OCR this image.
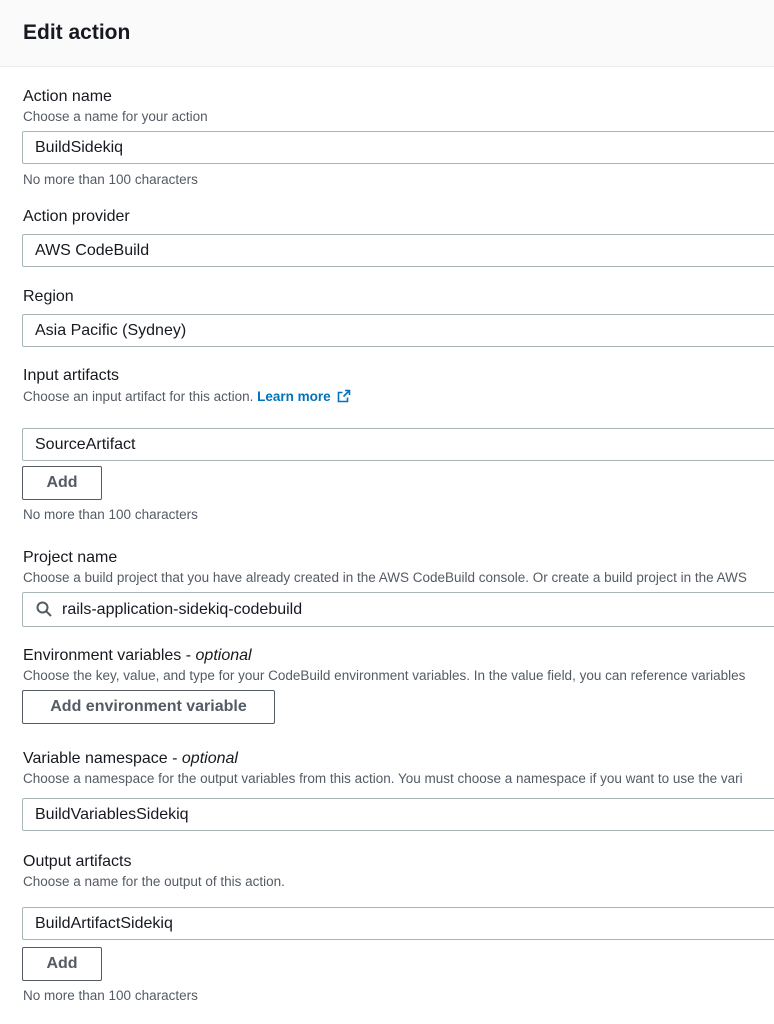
Edit action
Action name
Choose a name for your action
BuildSidekiq
No more than 100 characters
Action provider
AWS CodeBuild
Region
Asia Pacific (Sydney)
Input artifacts
Choose an input artifact for this action. Learn more
SourceArtifact
Add
No more than 100 characters
Project name
Choose a build project that you have already created in the AWS CodeBuild console. Or create a build project in the AWS
rails-application-sidekiq-codebuild
Environment variables - optional
Choose the key, value, and type for your CodeBuild environment variables. In the value field, you can reference variables
Add environment variable
Variable namespace - optional
Choose a namespace for the output variables from this action. You must choose a namespace if you want to use the vari
BuildVariablesSidekiq
Output artifacts
Choose a name for the output of this action.
BuildArtifactSidekiq
Add
No more than 100 characters
